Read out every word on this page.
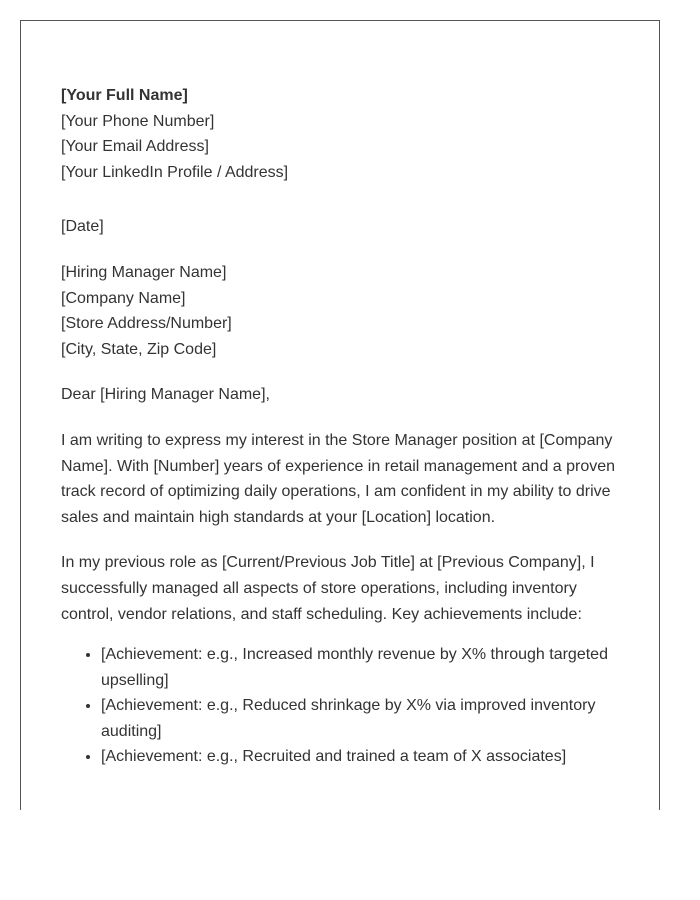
[Your Full Name]
[Your Phone Number]
[Your Email Address]
[Your LinkedIn Profile / Address]
[Date]
[Hiring Manager Name]
[Company Name]
[Store Address/Number]
[City, State, Zip Code]
Dear [Hiring Manager Name],

I am writing to express my interest in the Store Manager position at [Company Name]. With [Number] years of experience in retail management and a proven track record of optimizing daily operations, I am confident in my ability to drive sales and maintain high standards at your [Location] location.

In my previous role as [Current/Previous Job Title] at [Previous Company], I successfully managed all aspects of store operations, including inventory control, vendor relations, and staff scheduling. Key achievements include:

• [Achievement: e.g., Increased monthly revenue by X% through targeted upselling]
• [Achievement: e.g., Reduced shrinkage by X% via improved inventory auditing]
• [Achievement: e.g., Recruited and trained a team of X associates]
